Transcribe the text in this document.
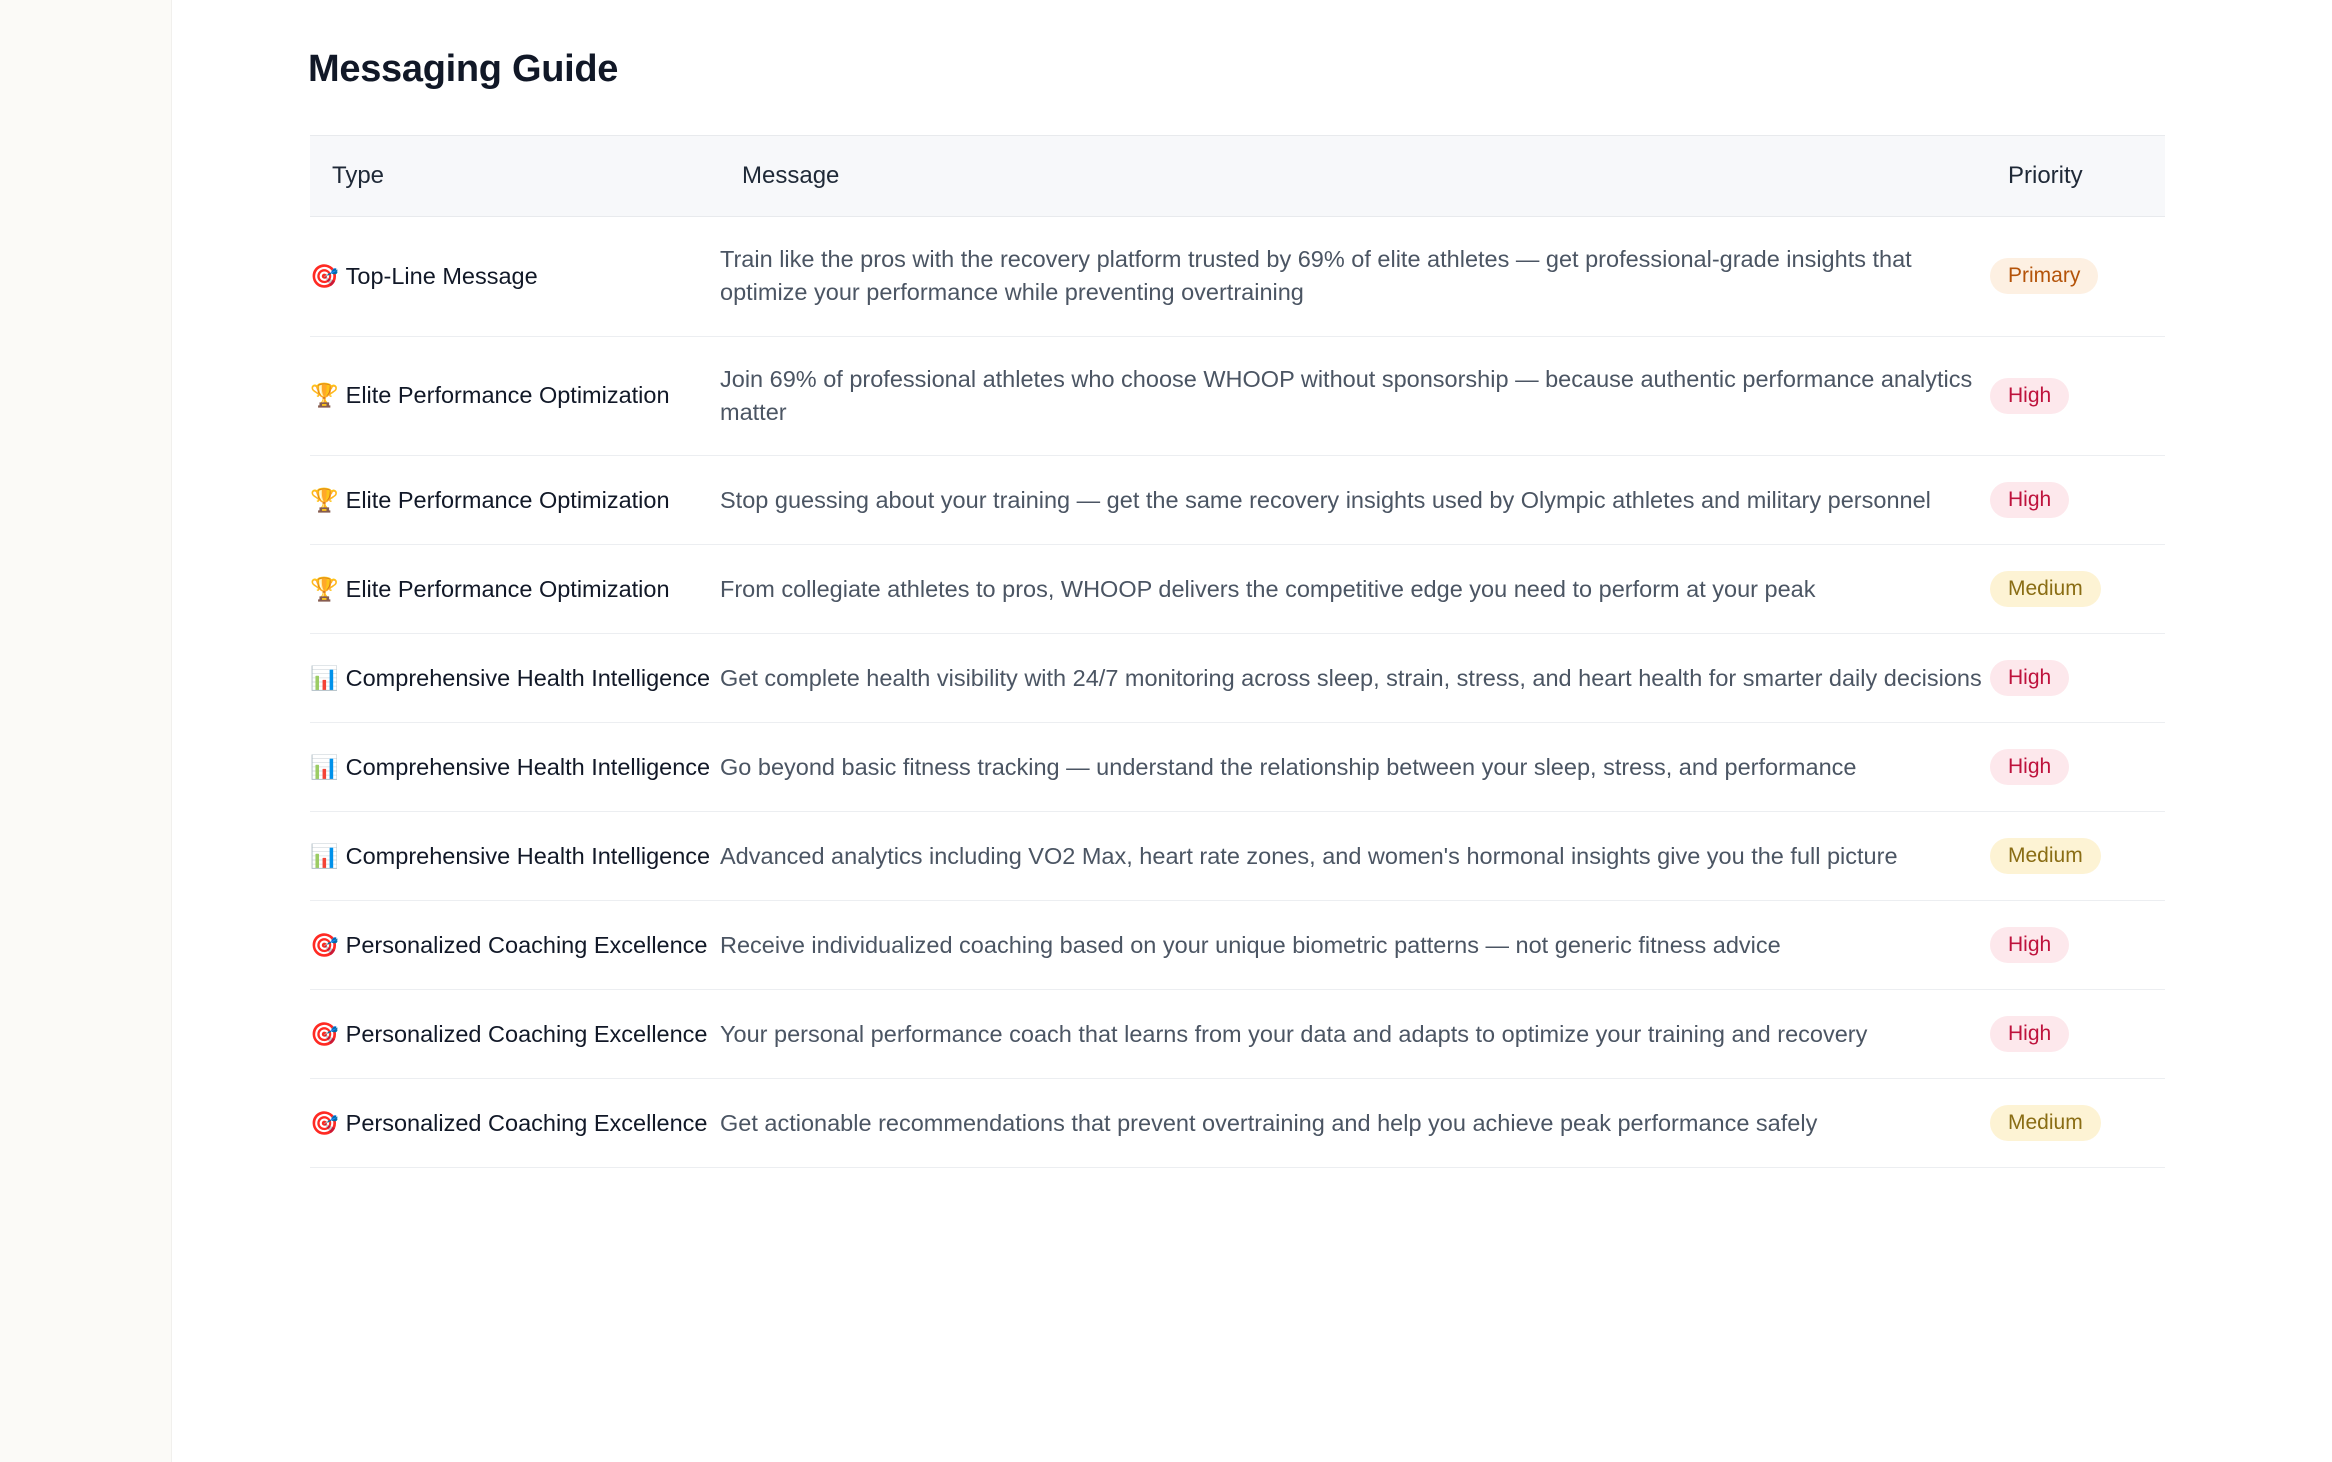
Messaging Guide
Type	Message	Priority
🎯 Top-Line Message	Train like the pros with the recovery platform trusted by 69% of elite athletes — get professional-grade insights that optimize your performance while preventing overtraining	Primary
🏆 Elite Performance Optimization	Join 69% of professional athletes who choose WHOOP without sponsorship — because authentic performance analytics matter	High
🏆 Elite Performance Optimization	Stop guessing about your training — get the same recovery insights used by Olympic athletes and military personnel	High
🏆 Elite Performance Optimization	From collegiate athletes to pros, WHOOP delivers the competitive edge you need to perform at your peak	Medium
📊 Comprehensive Health Intelligence	Get complete health visibility with 24/7 monitoring across sleep, strain, stress, and heart health for smarter daily decisions	High
📊 Comprehensive Health Intelligence	Go beyond basic fitness tracking — understand the relationship between your sleep, stress, and performance	High
📊 Comprehensive Health Intelligence	Advanced analytics including VO2 Max, heart rate zones, and women's hormonal insights give you the full picture	Medium
🎯 Personalized Coaching Excellence	Receive individualized coaching based on your unique biometric patterns — not generic fitness advice	High
🎯 Personalized Coaching Excellence	Your personal performance coach that learns from your data and adapts to optimize your training and recovery	High
🎯 Personalized Coaching Excellence	Get actionable recommendations that prevent overtraining and help you achieve peak performance safely	Medium
